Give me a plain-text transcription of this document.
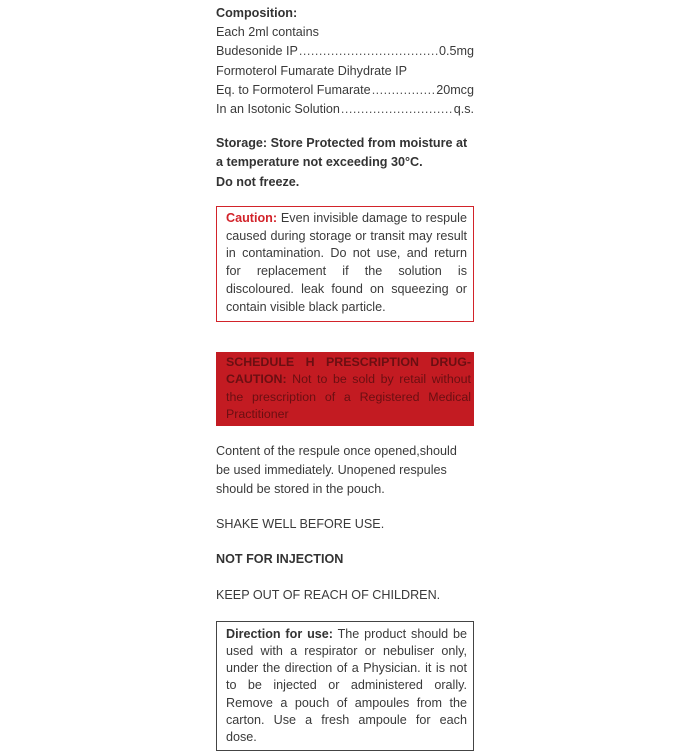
Composition:
Each 2ml contains
Budesonide IP .....	0.5mg
Formoterol Fumarate Dihydrate IP
Eq. to Formoterol Fumarate .....	20mcg
In an Isotonic Solution .....	q.s.
Storage: Store Protected from moisture at
a temperature not exceeding 30°C.
Do not freeze.
Caution: Even invisible damage to respule caused during storage or transit may result in contamination. Do not use, and return for replacement if the solution is discoloured. leak found on squeezing or contain visible black particle.
SCHEDULE H PRESCRIPTION DRUG-CAUTION: Not to be sold by retail without the prescription of a Registered Medical Practitioner
Content of the respule once opened,should be used immediately. Unopened respules should be stored in the pouch.
SHAKE WELL BEFORE USE.
NOT FOR INJECTION
KEEP OUT OF REACH OF CHILDREN.
Direction for use: The product should be used with a respirator or nebuliser only, under the direction of a Physician. it is not to be injected or administered orally. Remove a pouch of ampoules from the carton. Use a fresh ampoule for each dose.
